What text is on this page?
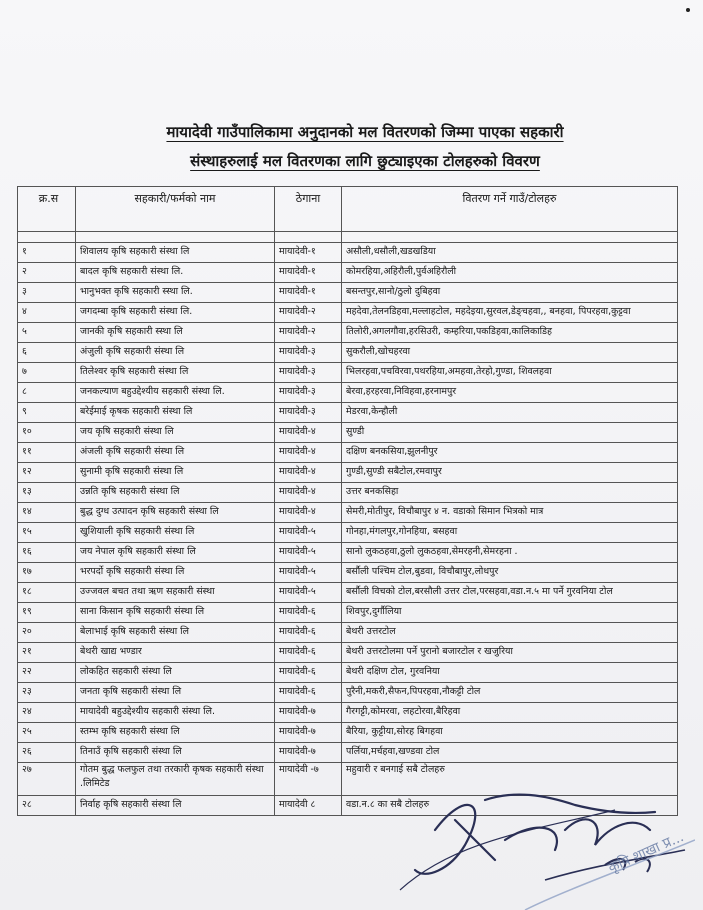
मायादेवी गाउँपालिकामा अनुदानको मल वितरणको जिम्मा पाएका सहकारी
संस्थाहरुलाई मल वितरणका लागि छुट्याइएका टोलहरुको विवरण
क्र.स	सहकारी/फर्मको नाम	ठेगाना	वितरण गर्ने गाउँ/टोलहरु

१	शिवालय कृषि सहकारी संस्था लि	मायादेवी-१	असौली,धसौली,खडखडिया
२	बादल कृषि सहकारी संस्था लि.	मायादेवी-१	कोमरहिया,अहिरौली,पुर्वअहिरौली
३	भानुभक्त कृषि सहकारी स्स्था लि.	मायादेवी-१	बसन्तपुर,सानो/ठुलो दुबिहवा
४	जगदम्बा कृषि सहकारी संस्था लि.	मायादेवी-२	महदेवा,तेलनडिहवा,मल्लाहटोल, महदेइया,सुरवल,डेङ्चहवा,, बनहवा, पिपरहवा,कुट्टवा
५	जानकी कृषि सहकारी स्स्था लि	मायादेवी-२	तिलोरी,अगलगौवा,हरसिउरी, कम्हरिया,पकडिहवा,कालिकाडिह
६	अंजुली कृषि सहकारी संस्था लि	मायादेवी-३	सुकरौली,खोचहरवा
७	तिलेश्वर कृषि सहकारी संस्था लि	मायादेवी-३	भिलरहवा,पचविरवा,पथरहिया,अमहवा,तेरहो,गुण्डा, शिवलहवा
८	जनकल्याण बहुउद्देश्यीय सहकारी संस्था लि.	मायादेवी-३	बेरवा,हरहरवा,निविहवा,हरनामपुर
९	बरेईमाई कृषक सहकारी संस्था लि	मायादेवी-३	मेडरवा,केन्हौली
१०	जय कृषि सहकारी संस्था लि	मायादेवी-४	सुण्डी
११	अंजली कृषि सहकारी संस्था लि	मायादेवी-४	दक्षिण बनकसिया,झुलनीपुर
१२	सुनामी कृषि सहकारी संस्था लि	मायादेवी-४	गुण्डी,सुण्डी सबैटोल,रमवापुर
१३	उन्नति कृषि सहकारी संस्था लि	मायादेवी-४	उत्तर बनकसिहा
१४	बुद्ध दुग्ध उत्पादन कृषि सहकारी संस्था लि	मायादेवी-४	सेमरी,मोतीपुर, विचौबापुर ४ न. वडाको सिमान भित्रको मात्र
१५	खुशियाली कृषि सहकारी संस्था लि	मायादेवी-५	गोनहा,मंगलपुर,गोनहिया, बसहवा
१६	जय नेपाल कृषि सहकारी संस्था लि	मायादेवी-५	सानो लुकठहवा,ठुलो लुकठहवा,सेमरहनी,सेमरहना .
१७	भरपर्दो कृषि सहकारी संस्था लि	मायादेवी-५	बर्सौली पश्चिम टोल,बुडवा, विचौबापुर,लोधपुर
१८	उज्जवल बचत तथा ऋण सहकारी संस्था	मायादेवी-५	बर्सौली विचको टोल,बरसौली उत्तर टोल,परसहवा,वडा.न.५ मा पर्ने गुरवनिया टोल
१९	साना किसान कृषि सहकारी संस्था लि	मायादेवी-६	शिवपुर,दुर्गौलिया
२०	बेलाभाई कृषि सहकारी संस्था लि	मायादेवी-६	बेथरी उत्तरटोल
२१	बेथरी खाद्य भण्डार	मायादेवी-६	बेथरी उत्तरटोलमा पर्ने पुरानो बजारटोल र खजुरिया
२२	लोकहित सहकारी संस्था लि	मायादेवी-६	बेथरी दक्षिण टोल, गुरवनिया
२३	जनता कृषि सहकारी संस्था लि	मायादेवी-६	पुरैनी,मकरी,सैफन,पिपरहवा,नौकट्टी टोल
२४	मायादेवी बहुउद्देश्यीय सहकारी संस्था लि.	मायादेवी-७	गैरगट्टी,कोमरवा, लहटोरवा,बैरिहवा
२५	स्तम्भ कृषि सहकारी संस्था लि	मायादेवी-७	बैरिया, कुट्टीया,सोरह बिगहवा
२६	तिनाउँ कृषि सहकारी संस्था लि	मायादेवी-७	पर्लिया,मर्चहवा,खण्डवा टोल
२७	गोतम बुद्ध फलफुल तथा तरकारी कृषक सहकारी संस्था .लिमिटेड	मायादेवी -७	महुवारी र बनगाई सबै टोलहरु
२८	निर्वाह कृषि सहकारी संस्था लि	मायादेवी ८	वडा.न.८ का सबै टोलहरु
कृषि शाखा प्र...
